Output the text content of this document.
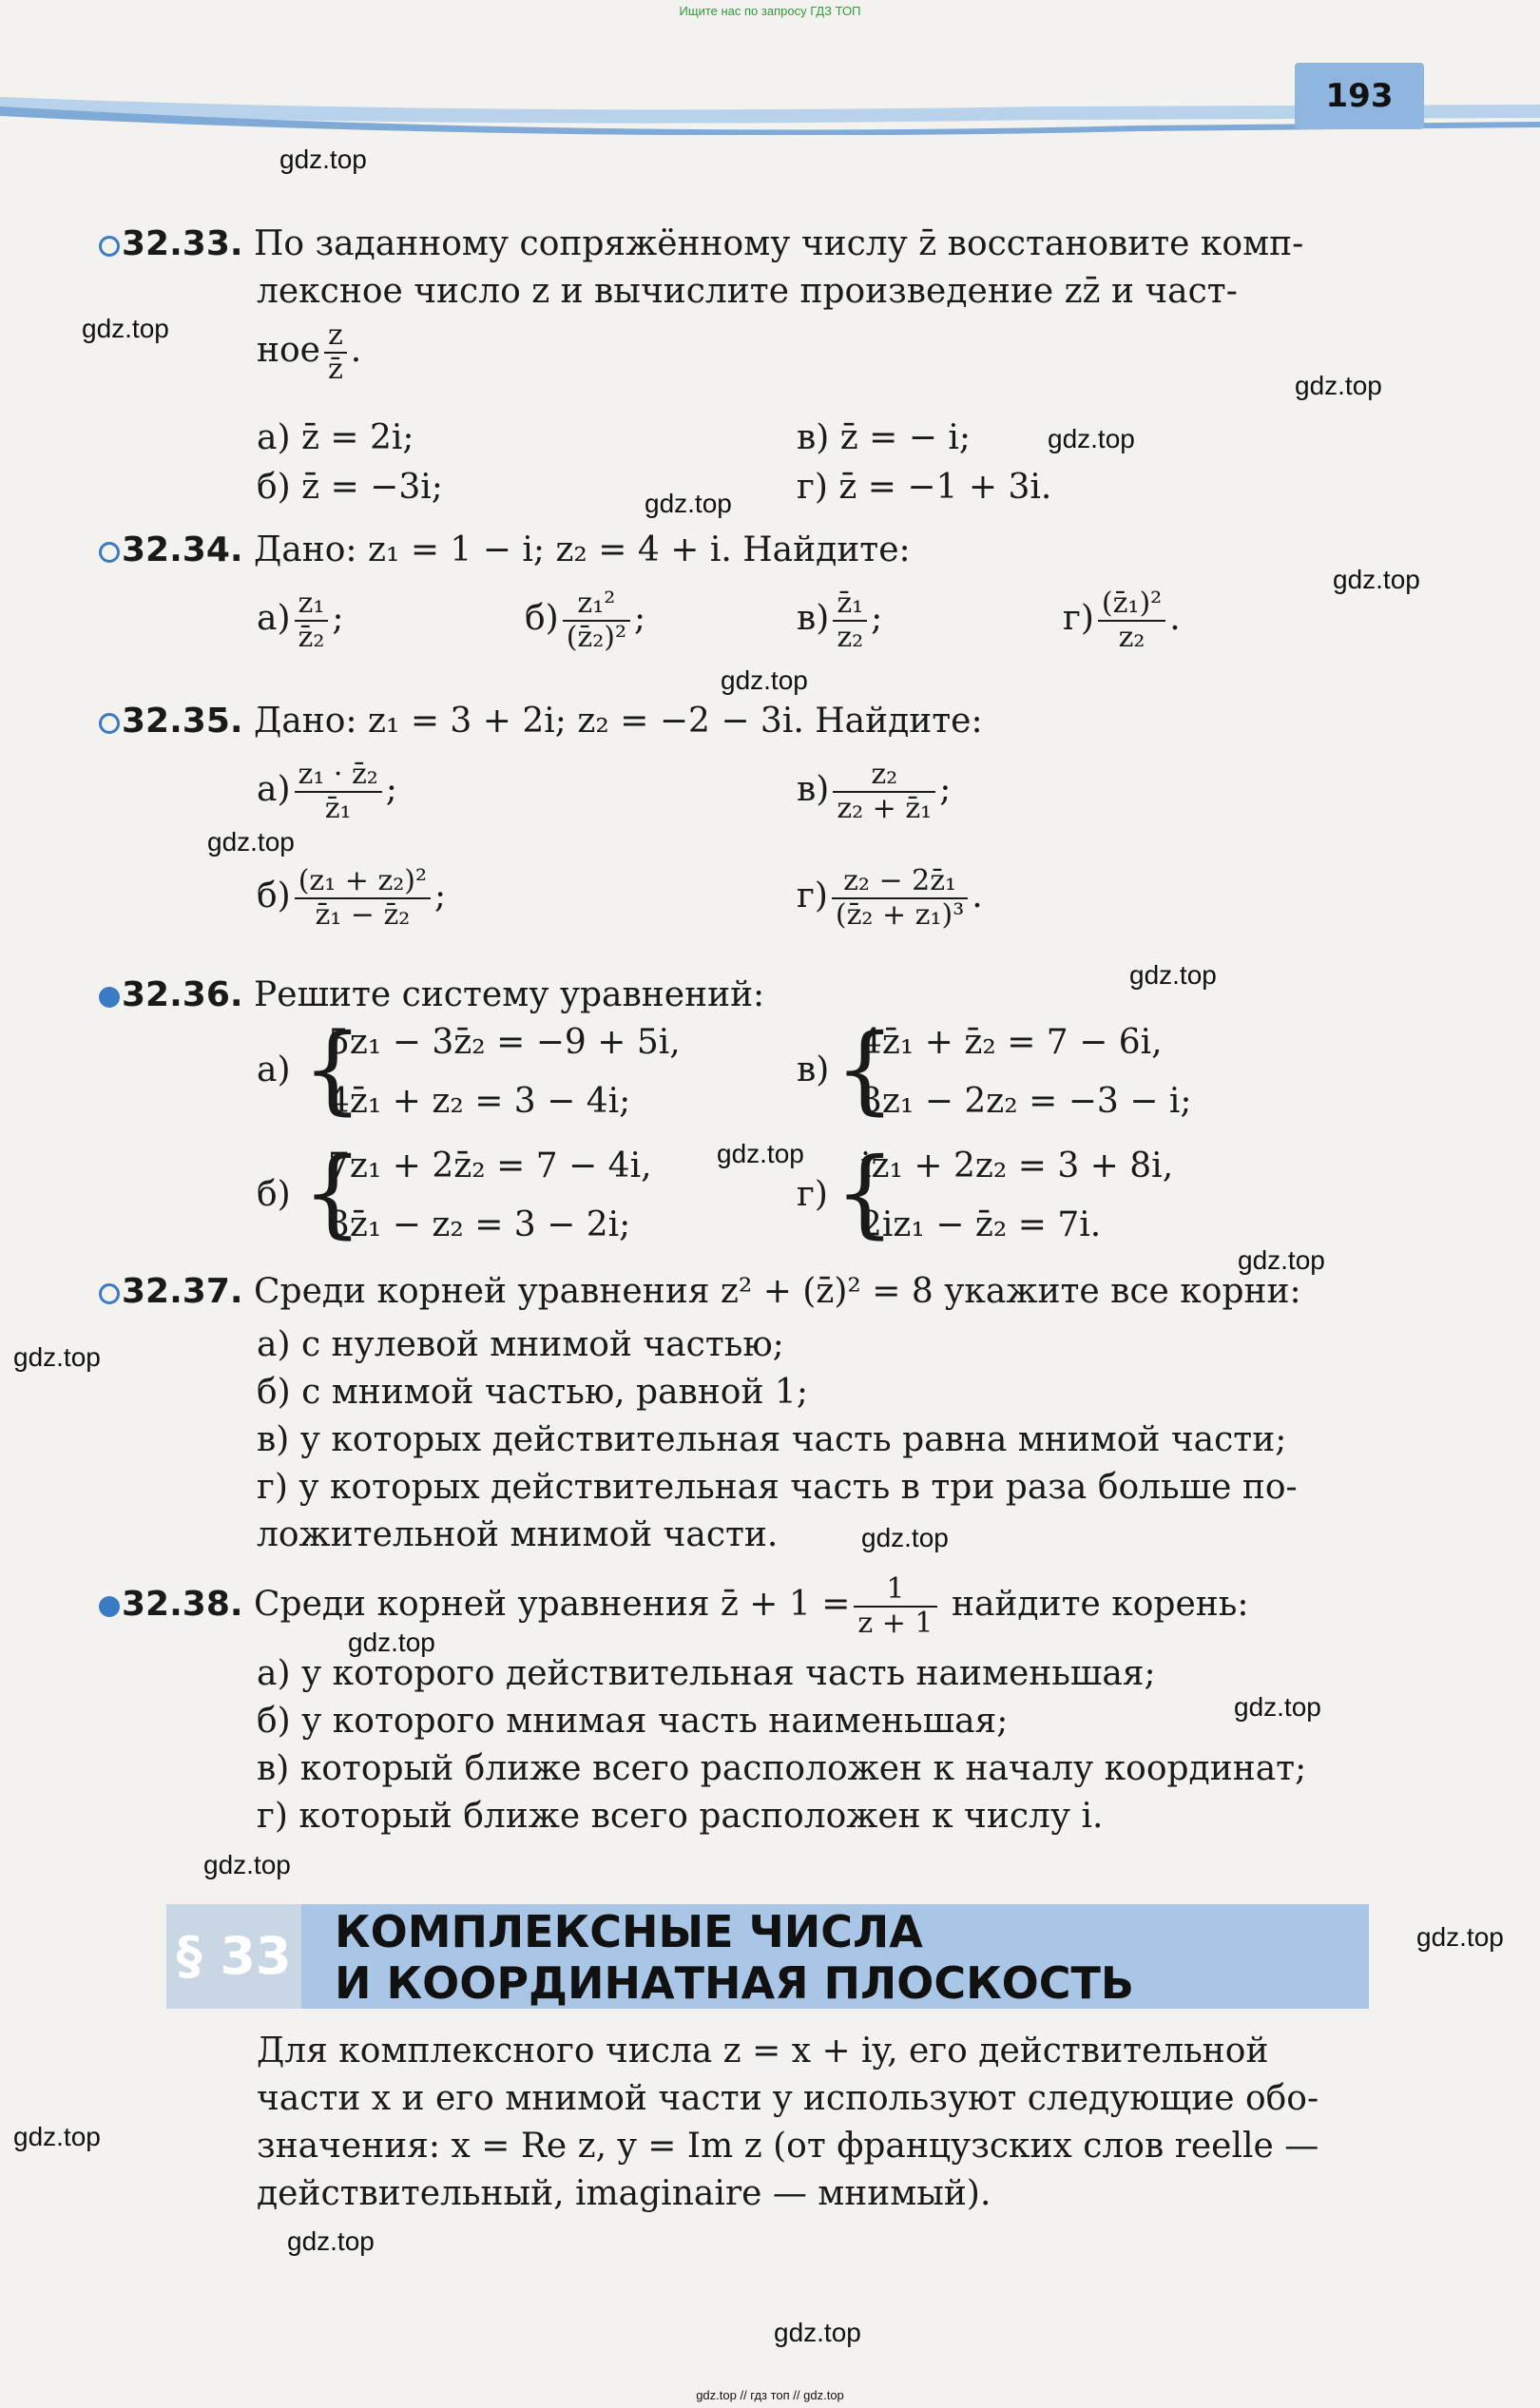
Ищите нас по запросу ГДЗ ТОП
193
32.33. По заданному сопряжённому числу z̄ восстановите комп-
лексное число z и вычислите произведение zz̄ и част-
ное $\frac{z}{z̄}$ .
а) z̄ = 2i;
б) z̄ = −3i;
в) z̄ = − i;
г) z̄ = −1 + 3i.
32.34. Дано: z₁ = 1 − i; z₂ = 4 + i. Найдите:
$а) \frac{\text{z₁}}{\text{z̄₂}}$ ;	$б) \frac{\text{z₁²}}{\text{(z̄₂)²}}$ ;	$в) \frac{\text{z̄₁}}{\text{z₂}}$ ;	$г) \frac{\text{(z̄₁)²}}{\text{z₂}}$ .
32.35. Дано: z₁ = 3 + 2i; z₂ = −2 − 3i. Найдите:
$а) \frac{\text{z₁ · z̄₂}}{\text{z̄₁}}$ ;	$в) \frac{\text{z₂}}{\text{z₂ + z̄₁}}$ ;
$б) \frac{\text{(z₁ + z₂)²}}{\text{z̄₁ − z̄₂}}$ ;	$г) \frac{\text{z₂ − 2z̄₁}}{\text{(z̄₂ + z₁)³}}$ .
32.36. Решите систему уравнений:
а) {
5z₁ − 3z̄₂ = −9 + 5i,
4z̄₁ + z₂ = 3 − 4i;
в) {
4z̄₁ + z̄₂ = 7 − 6i,
3z₁ − 2z₂ = −3 − i;
б) {
7z₁ + 2z̄₂ = 7 − 4i,
3z̄₁ − z₂ = 3 − 2i;
г) {
iz₁ + 2z₂ = 3 + 8i,
2iz₁ − z̄₂ = 7i.
32.37. Среди корней уравнения z² + (z̄)² = 8 укажите все корни:
а) с нулевой мнимой частью;
б) с мнимой частью, равной 1;
в) у которых действительная часть равна мнимой части;
г) у которых действительная часть в три раза больше по-
ложительной мнимой части.
32.38. Среди корней уравнения z̄ + $1 = \frac{1}{z + 1}$ найдите корень:
а) у которого действительная часть наименьшая;
б) у которого мнимая часть наименьшая;
в) который ближе всего расположен к началу координат;
г) который ближе всего расположен к числу i.
§ 33 КОМПЛЕКСНЫЕ ЧИСЛА
И КООРДИНАТНАЯ ПЛОСКОСТЬ
Для комплексного числа z = x + iy, его действительной
части x и его мнимой части y используют следующие обо-
значения: x = Re z, y = Im z (от французских слов reelle —
действительный, imaginaire — мнимый).
gdz.top
gdz.top
gdz.top
gdz.top
gdz.top
gdz.top
gdz.top
gdz.top
gdz.top
gdz.top
gdz.top
gdz.top
gdz.top
gdz.top
gdz.top
gdz.top
gdz.top
gdz.top
gdz.top
gdz.top
gdz.top // гдз топ // gdz.top
